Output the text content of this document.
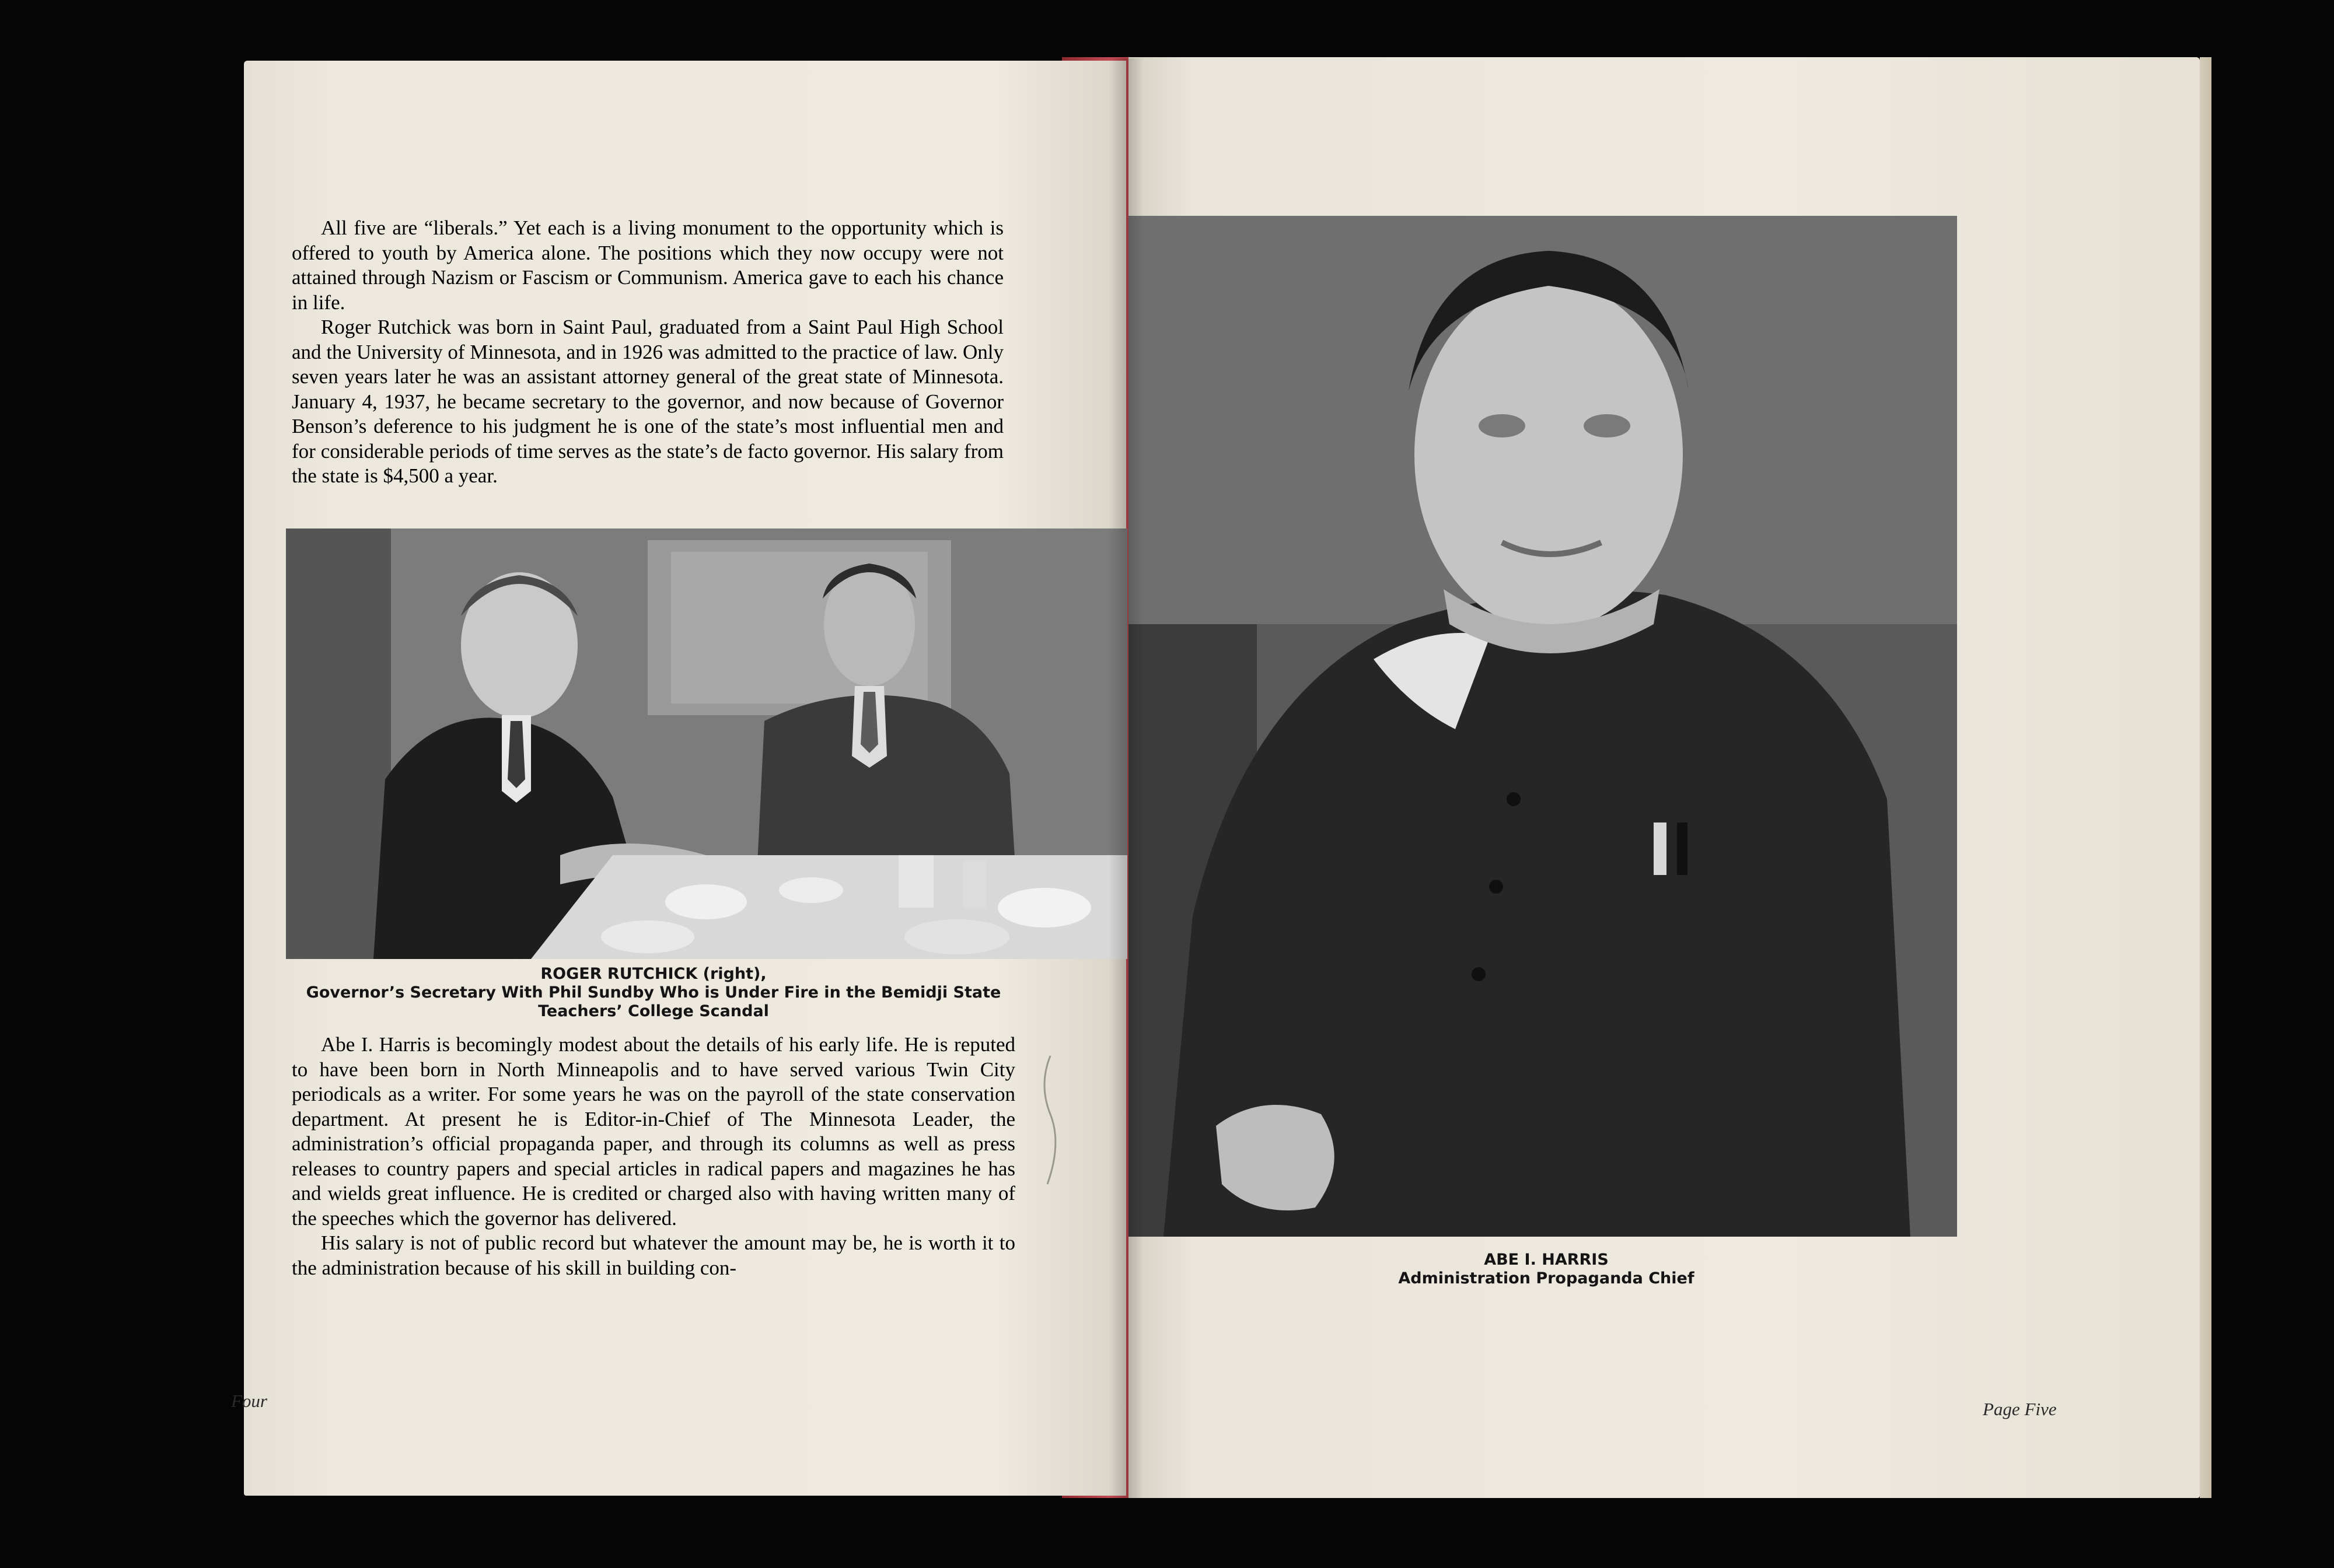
All five are “liberals.” Yet each is a living monument to the opportunity which is offered to youth by America alone. The positions which they now occupy were not attained through Nazism or Fascism or Communism. America gave to each his chance in life.

Roger Rutchick was born in Saint Paul, graduated from a Saint Paul High School and the University of Minnesota, and in 1926 was admitted to the practice of law. Only seven years later he was an assistant attorney general of the great state of Minnesota. January 4, 1937, he became secretary to the governor, and now because of Governor Benson’s deference to his judgment he is one of the state’s most influential men and for considerable periods of time serves as the state’s de facto governor. His salary from the state is $4,500 a year.

ROGER RUTCHICK (right),
Governor’s Secretary With Phil Sundby Who is Under Fire in the Bemidji State Teachers’ College Scandal

Abe I. Harris is becomingly modest about the details of his early life. He is reputed to have been born in North Minneapolis and to have served various Twin City periodicals as a writer. For some years he was on the payroll of the state conservation department. At present he is Editor-in-Chief of The Minnesota Leader, the administration’s official propaganda paper, and through its columns as well as press releases to country papers and special articles in radical papers and magazines he has and wields great influence. He is credited or charged also with having written many of the speeches which the governor has delivered.

His salary is not of public record but whatever the amount may be, he is worth it to the administration because of his skill in building con-

Four
ABE I. HARRIS
Administration Propaganda Chief
Page Five
